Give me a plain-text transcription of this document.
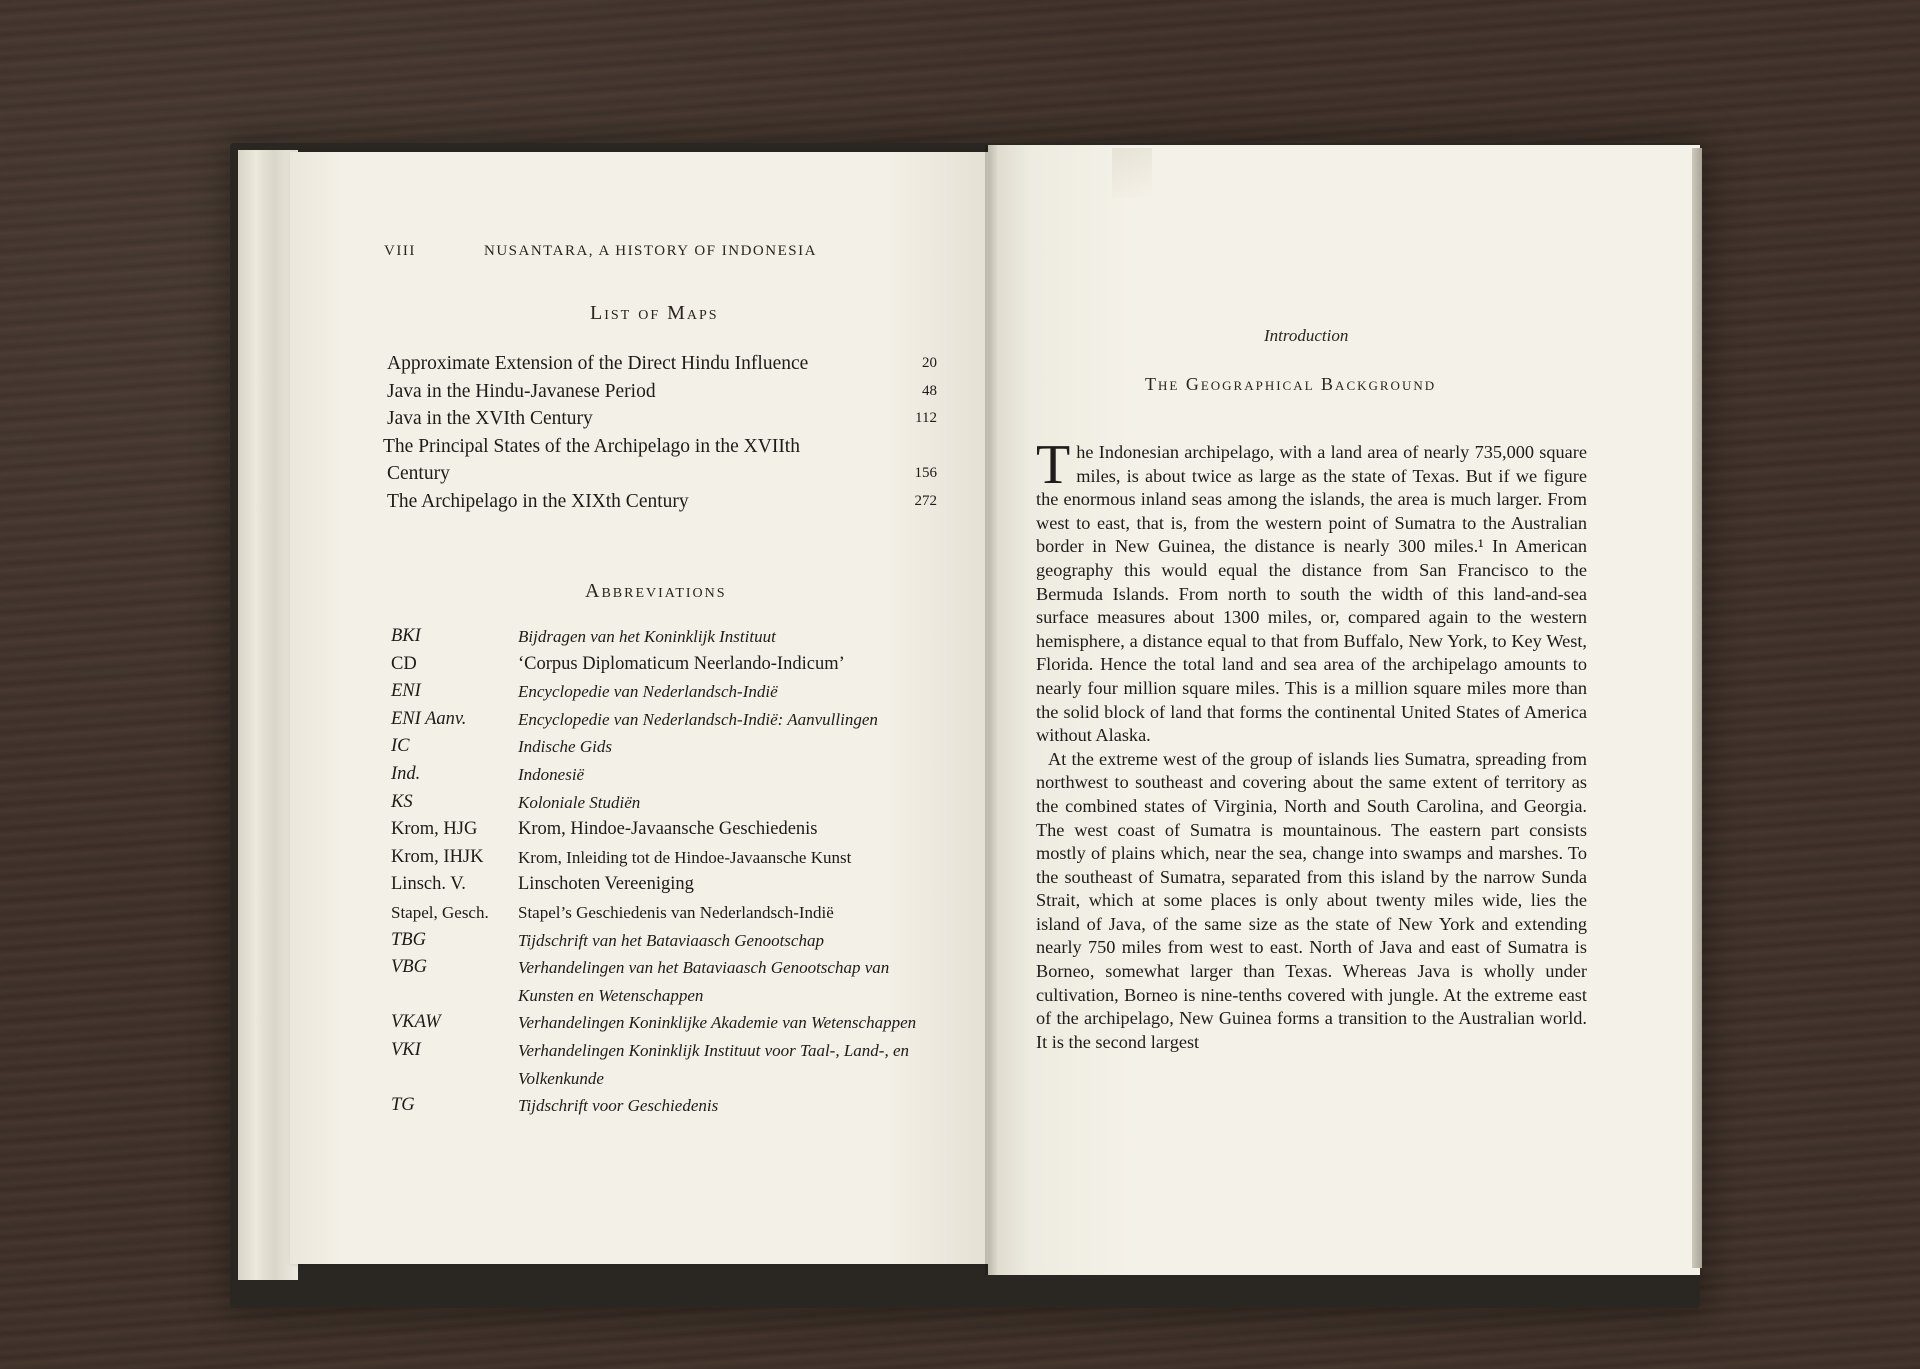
VIII	NUSANTARA, A HISTORY OF INDONESIA
List of Maps
Approximate Extension of the Direct Hindu Influence	20
Java in the Hindu-Javanese Period	48
Java in the XVIth Century	112
The Principal States of the Archipelago in the XVIIth Century	156
The Archipelago in the XIXth Century	272
Abbreviations
BKI	Bijdragen van het Koninklijk Instituut
CD	‘Corpus Diplomaticum Neerlando-Indicum’
ENI	Encyclopedie van Nederlandsch-Indië
ENI Aanv.	Encyclopedie van Nederlandsch-Indië: Aanvullingen
IC	Indische Gids
Ind.	Indonesië
KS	Koloniale Studiën
Krom, HJG	Krom, Hindoe-Javaansche Geschiedenis
Krom, IHJK	Krom, Inleiding tot de Hindoe-Javaansche Kunst
Linsch. V.	Linschoten Vereeniging
Stapel, Gesch.	Stapel’s Geschiedenis van Nederlandsch-Indië
TBG	Tijdschrift van het Bataviaasch Genootschap
VBG	Verhandelingen van het Bataviaasch Genootschap van Kunsten en Wetenschappen
VKAW	Verhandelingen Koninklijke Akademie van Wetenschappen
VKI	Verhandelingen Koninklijk Instituut voor Taal-, Land-, en Volkenkunde
TG	Tijdschrift voor Geschiedenis
Introduction
The Geographical Background

The Indonesian archipelago, with a land area of nearly 735,000 square miles, is about twice as large as the state of Texas. But if we figure the enormous inland seas among the islands, the area is much larger. From west to east, that is, from the western point of Sumatra to the Australian border in New Guinea, the distance is nearly 300 miles.¹ In American geography this would equal the distance from San Francisco to the Bermuda Islands. From north to south the width of this land-and-sea surface measures about 1300 miles, or, compared again to the western hemisphere, a distance equal to that from Buffalo, New York, to Key West, Florida. Hence the total land and sea area of the archipelago amounts to nearly four million square miles. This is a million square miles more than the solid block of land that forms the continental United States of America without Alaska.

At the extreme west of the group of islands lies Sumatra, spreading from northwest to southeast and covering about the same extent of territory as the combined states of Virginia, North and South Carolina, and Georgia. The west coast of Sumatra is mountainous. The eastern part consists mostly of plains which, near the sea, change into swamps and marshes. To the southeast of Sumatra, separated from this island by the narrow Sunda Strait, which at some places is only about twenty miles wide, lies the island of Java, of the same size as the state of New York and extending nearly 750 miles from west to east. North of Java and east of Sumatra is Borneo, somewhat larger than Texas. Whereas Java is wholly under cultivation, Borneo is nine-tenths covered with jungle. At the extreme east of the archipelago, New Guinea forms a transition to the Australian world. It is the second largest
